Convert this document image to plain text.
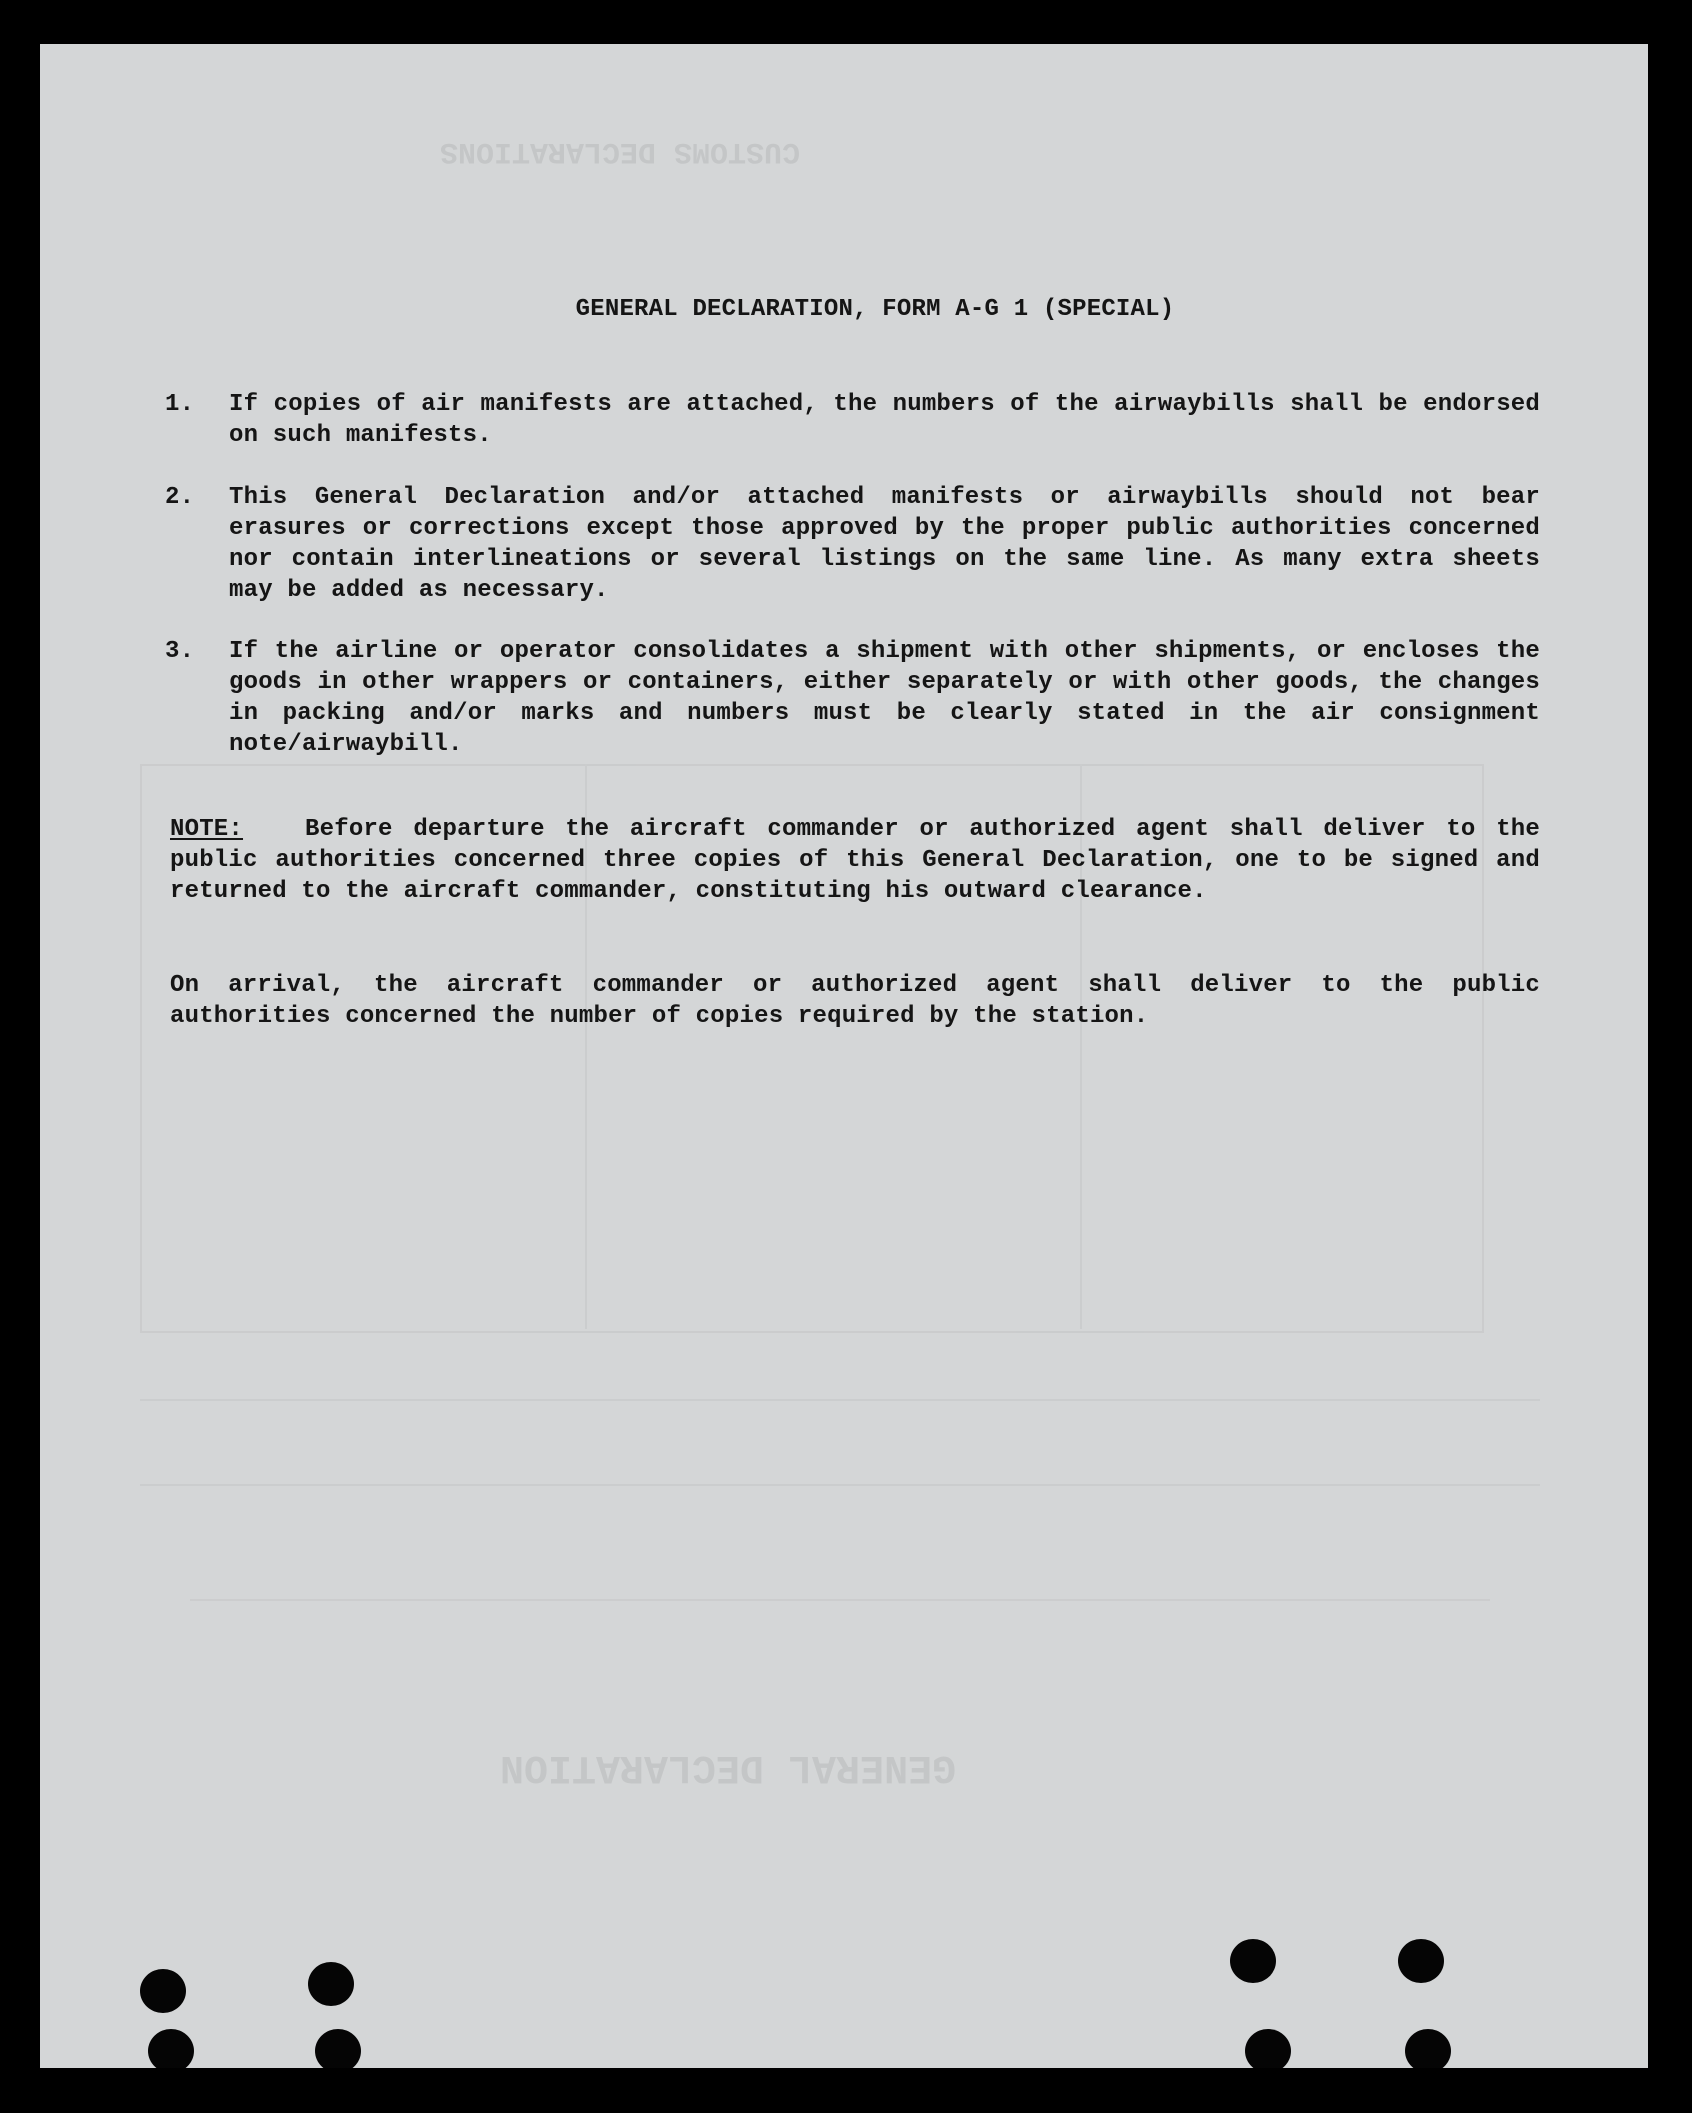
GENERAL DECLARATION
CUSTOMS DECLARATIONS
GENERAL DECLARATION, FORM A-G 1 (SPECIAL)
1.	If copies of air manifests are attached, the numbers of the airwaybills shall be endorsed on such manifests.
2.	This General Declaration and/or attached manifests or airwaybills should not bear erasures or corrections except those approved by the proper public authorities concerned nor contain interlineations or several listings on the same line. As many extra sheets may be added as necessary.
3.	If the airline or operator consolidates a shipment with other shipments, or encloses the goods in other wrappers or containers, either separately or with other goods, the changes in packing and/or marks and numbers must be clearly stated in the air consignment note/airwaybill.
NOTE:	Before departure the aircraft commander or authorized agent shall deliver to the public authorities concerned three copies of this General Declaration, one to be signed and returned to the aircraft commander, constituting his outward clearance.
On arrival, the aircraft commander or authorized agent shall deliver to the public authorities concerned the number of copies required by the station.
